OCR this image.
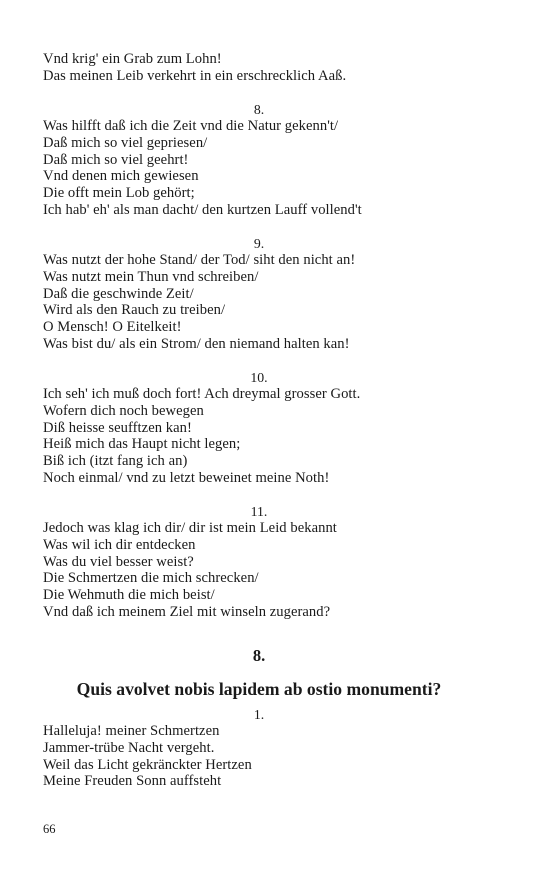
Vnd krig' ein Grab zum Lohn!
Das meinen Leib verkehrt in ein erschrecklich Aaß.
8.
Was hilfft daß ich die Zeit vnd die Natur gekenn't/
Daß mich so viel gepriesen/
Daß mich so viel geehrt!
Vnd denen mich gewiesen
Die offt mein Lob gehört;
Ich hab' eh' als man dacht/ den kurtzen Lauff vollend't
9.
Was nutzt der hohe Stand/ der Tod/ siht den nicht an!
Was nutzt mein Thun vnd schreiben/
Daß die geschwinde Zeit/
Wird als den Rauch zu treiben/
O Mensch! O Eitelkeit!
Was bist du/ als ein Strom/ den niemand halten kan!
10.
Ich seh' ich muß doch fort! Ach dreymal grosser Gott.
Wofern dich noch bewegen
Diß heisse seufftzen kan!
Heiß mich das Haupt nicht legen;
Biß ich (itzt fang ich an)
Noch einmal/ vnd zu letzt beweinet meine Noth!
11.
Jedoch was klag ich dir/ dir ist mein Leid bekannt
Was wil ich dir entdecken
Was du viel besser weist?
Die Schmertzen die mich schrecken/
Die Wehmuth die mich beist/
Vnd daß ich meinem Ziel mit winseln zugerand?
8.
Quis avolvet nobis lapidem ab ostio monumenti?
1.
Halleluja! meiner Schmertzen
Jammer-trübe Nacht vergeht.
Weil das Licht gekränckter Hertzen
Meine Freuden Sonn auffsteht
66
